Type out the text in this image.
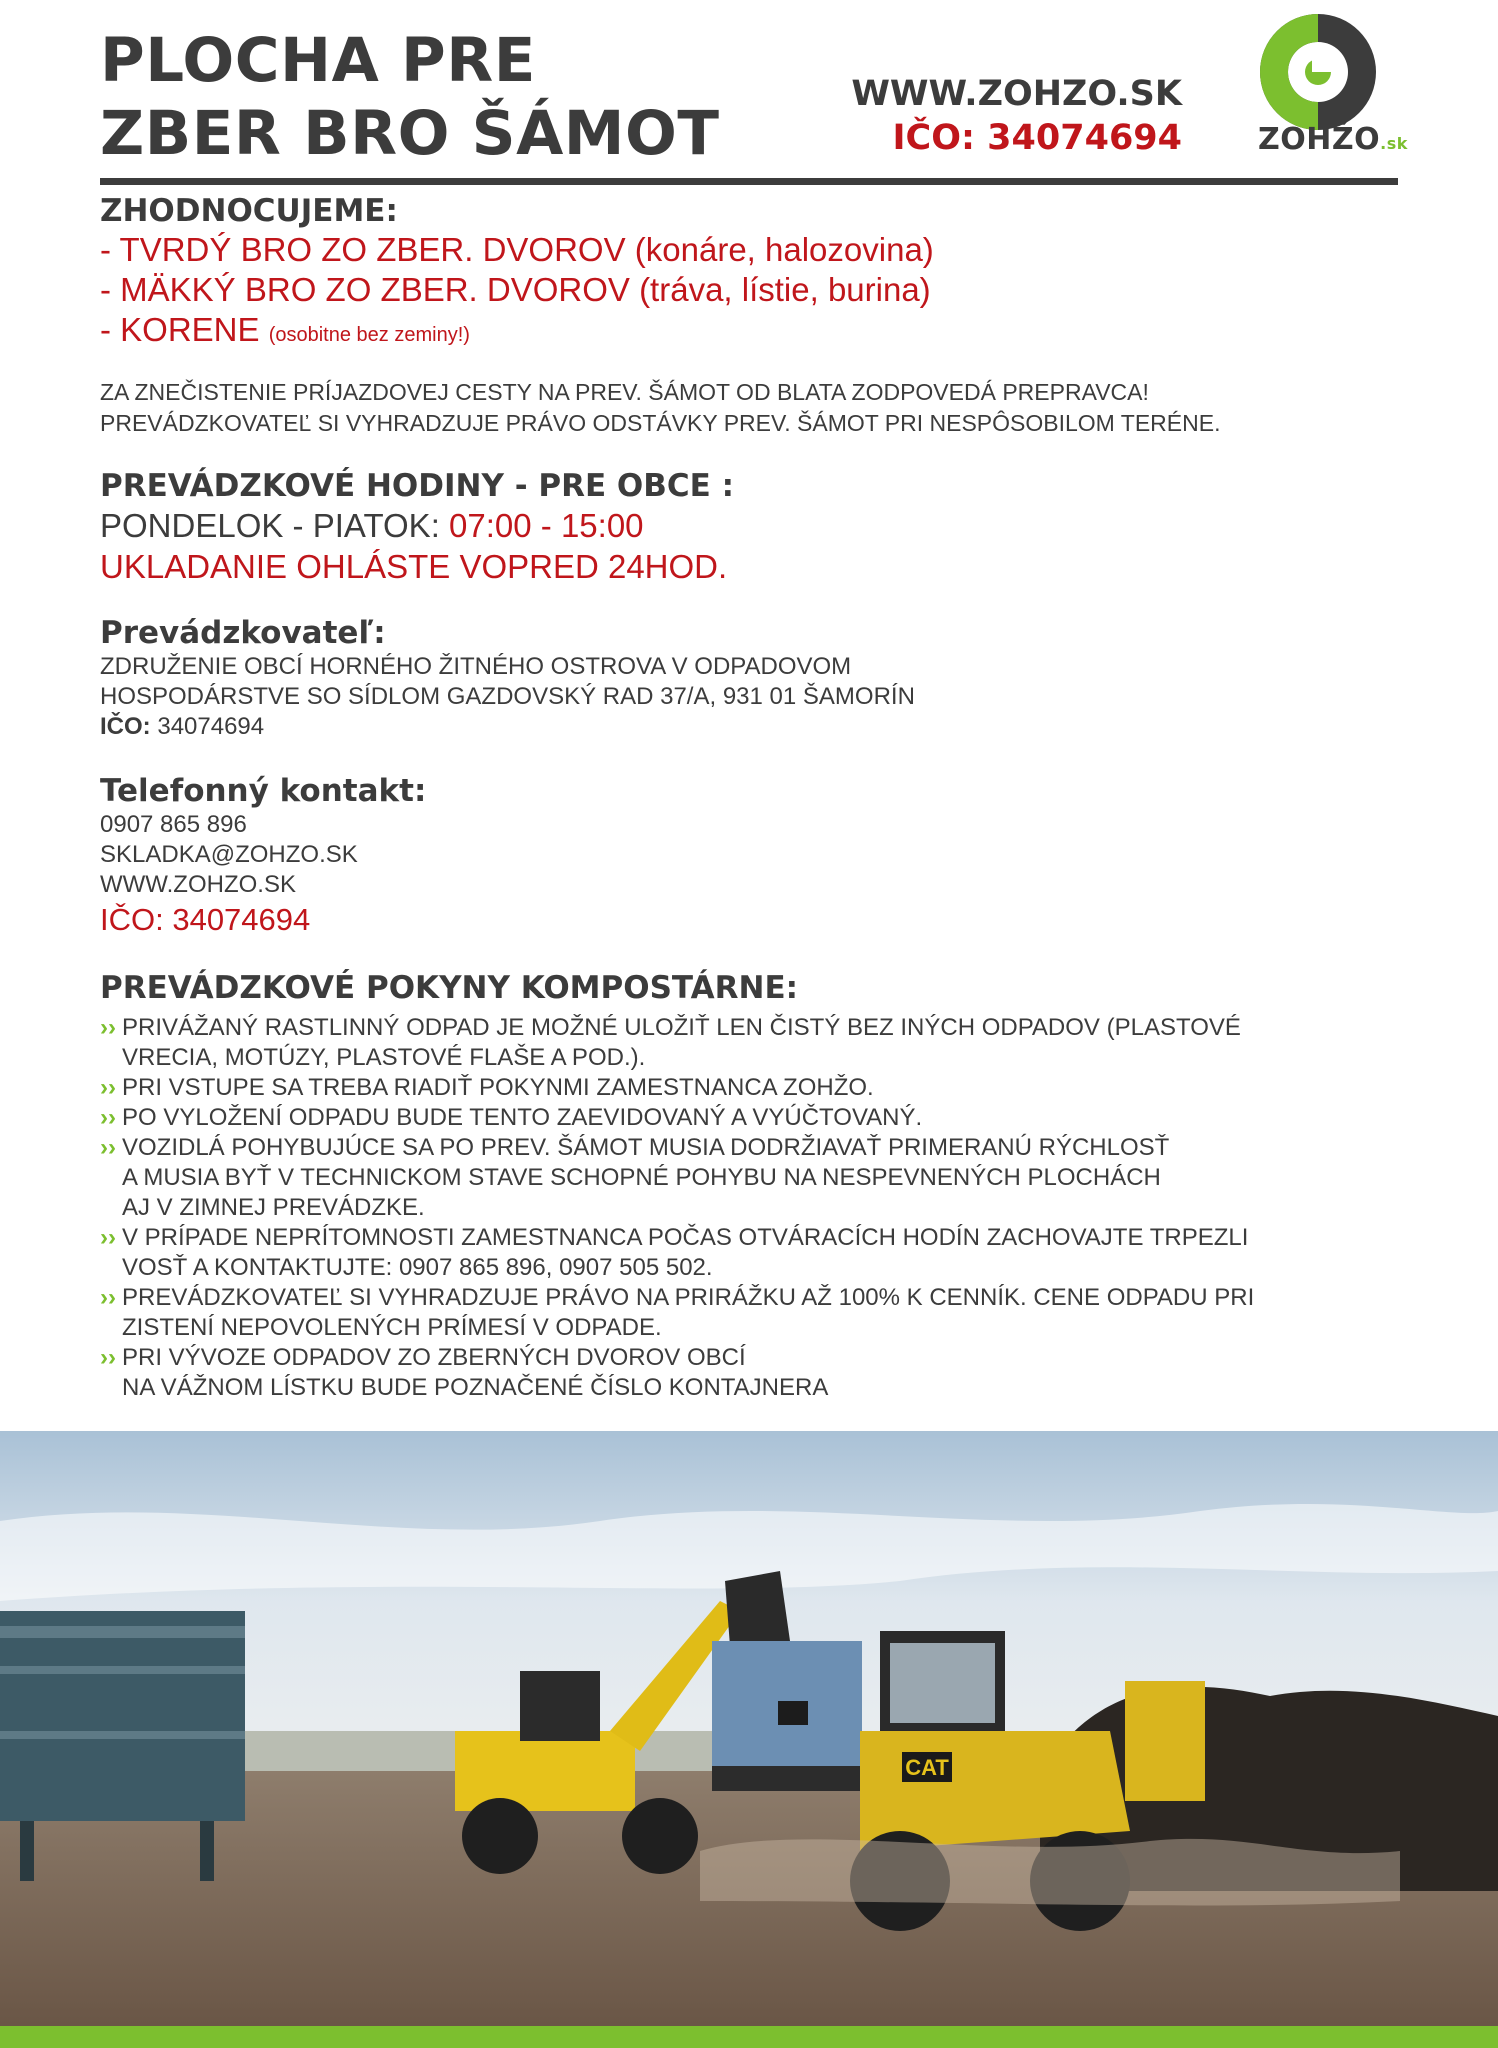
PLOCHA PRE
ZBER BRO ŠÁMOT
WWW.ZOHZO.SK
IČO: 34074694	ZOHŽO.sk
ZHODNOCUJEME:
- TVRDÝ BRO ZO ZBER. DVOROV (konáre, halozovina)
- MÄKKÝ BRO ZO ZBER. DVOROV (tráva, lístie, burina)
- KORENE (osobitne bez zeminy!)
ZA ZNEČISTENIE PRÍJAZDOVEJ CESTY NA PREV. ŠÁMOT OD BLATA ZODPOVEDÁ PREPRAVCA!
PREVÁDZKOVATEĽ SI VYHRADZUJE PRÁVO ODSTÁVKY PREV. ŠÁMOT PRI NESPÔSOBILOM TERÉNE.
PREVÁDZKOVÉ HODINY - PRE OBCE :
PONDELOK - PIATOK: 07:00 - 15:00
UKLADANIE OHLÁSTE VOPRED 24HOD.
Prevádzkovateľ:
ZDRUŽENIE OBCÍ HORNÉHO ŽITNÉHO OSTROVA V ODPADOVOM
HOSPODÁRSTVE SO SÍDLOM GAZDOVSKÝ RAD 37/A, 931 01 ŠAMORÍN
IČO: 34074694
Telefonný kontakt:
0907 865 896
SKLADKA@ZOHZO.SK
WWW.ZOHZO.SK
IČO: 34074694
PREVÁDZKOVÉ POKYNY KOMPOSTÁRNE:
›› PRIVÁŽANÝ RASTLINNÝ ODPAD JE MOŽNÉ ULOŽIŤ LEN ČISTÝ BEZ INÝCH ODPADOV (PLASTOVÉ
VRECIA, MOTÚZY, PLASTOVÉ FLAŠE A POD.).
›› PRI VSTUPE SA TREBA RIADIŤ POKYNMI ZAMESTNANCA ZOHŽO.
›› PO VYLOŽENÍ ODPADU BUDE TENTO ZAEVIDOVANÝ A VYÚČTOVANÝ.
›› VOZIDLÁ POHYBUJÚCE SA PO PREV. ŠÁMOT MUSIA DODRŽIAVAŤ PRIMERANÚ RÝCHLOSŤ
A MUSIA BYŤ V TECHNICKOM STAVE SCHOPNÉ POHYBU NA NESPEVNENÝCH PLOCHÁCH
AJ V ZIMNEJ PREVÁDZKE.
›› V PRÍPADE NEPRÍTOMNOSTI ZAMESTNANCA POČAS OTVÁRACÍCH HODÍN ZACHOVAJTE TRPEZLI
VOSŤ A KONTAKTUJTE: 0907 865 896, 0907 505 502.
›› PREVÁDZKOVATEĽ SI VYHRADZUJE PRÁVO NA PRIRÁŽKU AŽ 100% K CENNÍK. CENE ODPADU PRI
ZISTENÍ NEPOVOLENÝCH PRÍMESÍ V ODPADE.
›› PRI VÝVOZE ODPADOV ZO ZBERNÝCH DVOROV OBCÍ
NA VÁŽNOM LÍSTKU BUDE POZNAČENÉ ČÍSLO KONTAJNERA
CAT
